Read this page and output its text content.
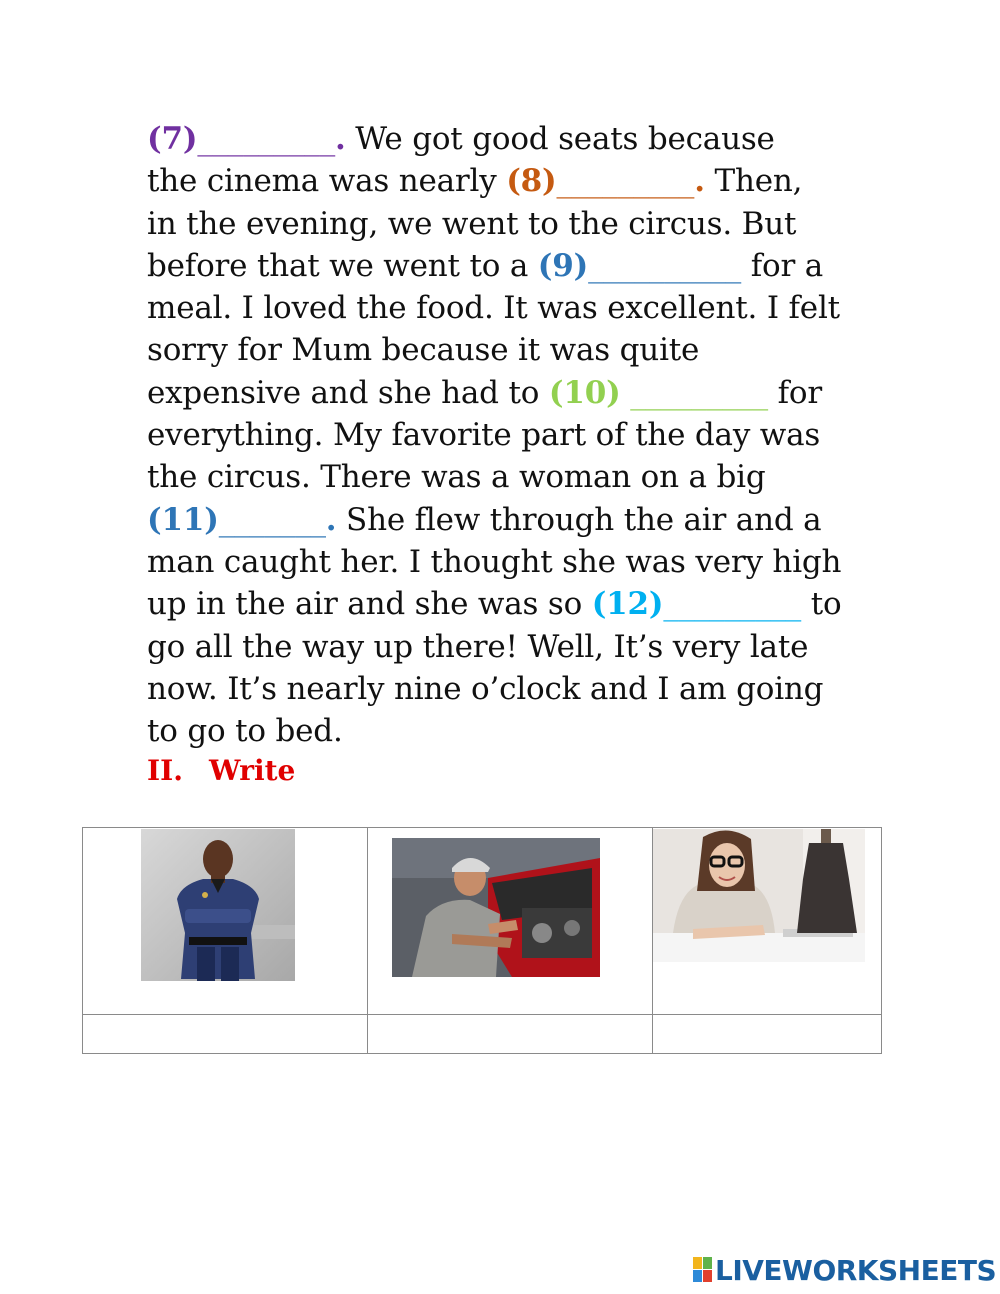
(7)_________. We got good seats because
the cinema was nearly (8)_________. Then,
in the evening, we went to the circus. But
before that we went to a (9)__________ for a
meal. I loved the food. It was excellent. I felt
sorry for Mum because it was quite
expensive and she had to (10) _________ for
everything. My favorite part of the day was
the circus. There was a woman on a big
(11)_______. She flew through the air and a
man caught her. I thought she was very high
up in the air and she was so (12)_________ to
go all the way up there! Well, It’s very late
now. It’s nearly nine o’clock and I am going
to go to bed.
II. Write

LIVEWORKSHEETS
